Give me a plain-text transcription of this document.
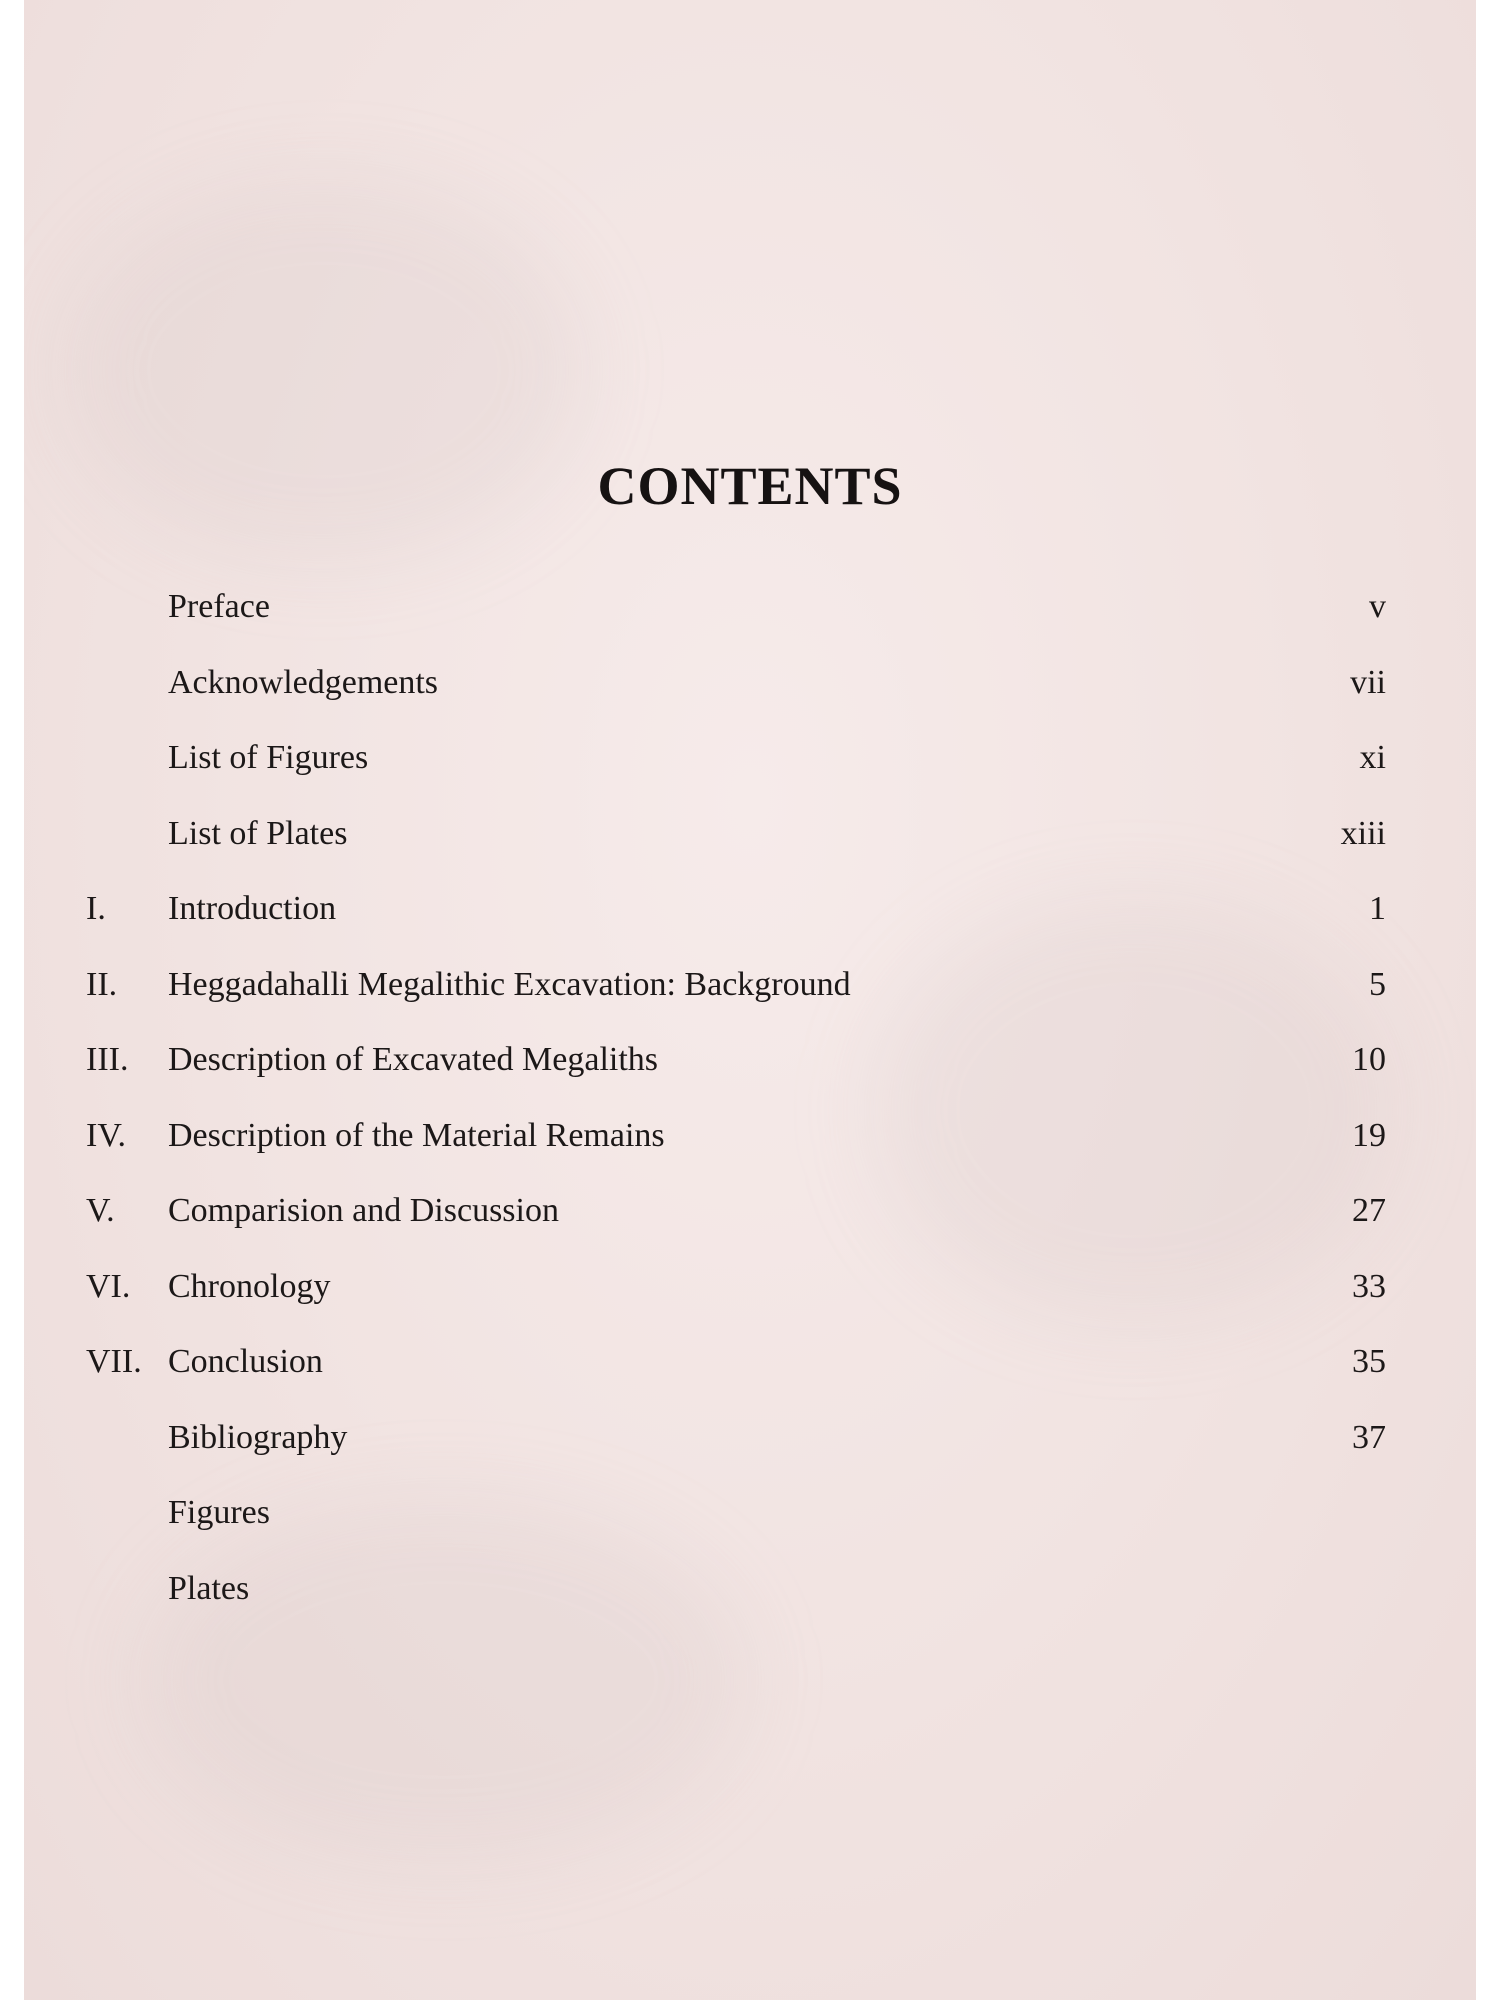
CONTENTS
Preface	v
Acknowledgements	vii
List of Figures	xi
List of Plates	xiii
I. Introduction	1
II. Heggadahalli Megalithic Excavation: Background	5
III. Description of Excavated Megaliths	10
IV. Description of the Material Remains	19
V. Comparision and Discussion	27
VI. Chronology	33
VII. Conclusion	35
Bibliography	37
Figures
Plates
